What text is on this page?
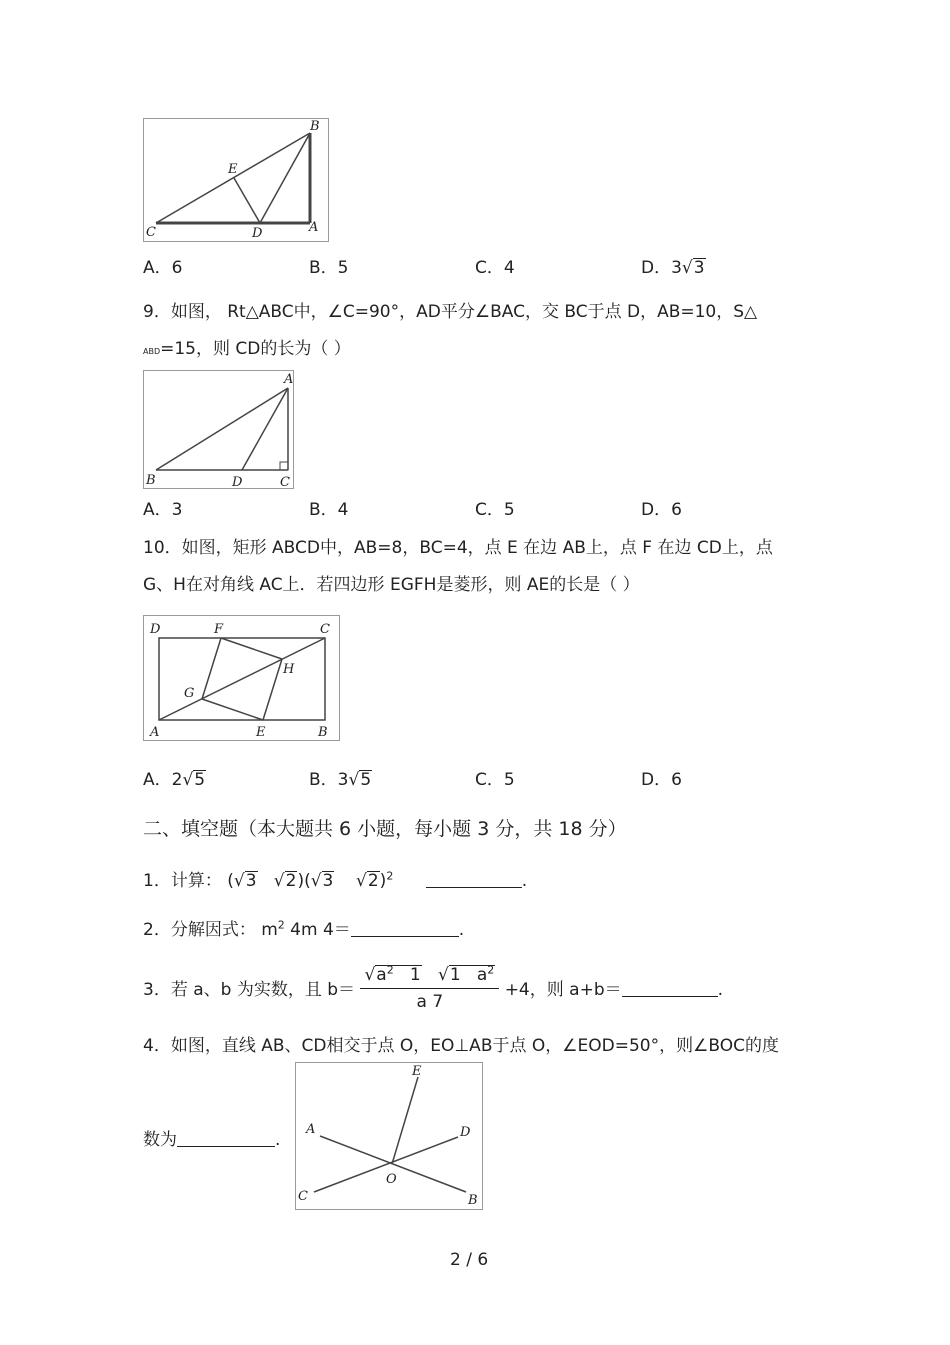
B
E
C	D	A
A．6	B．5	C．4	D．3√3
9．如图， Rt△ABC中，∠C=90°，AD平分∠BAC，交 BC于点 D，AB=10，S△
ABD=15，则 CD的长为（ ）
A
B	D	C
A．3	B．4	C．5	D．6
10．如图，矩形 ABCD中，AB=8，BC=4，点 E 在边 AB上，点 F 在边 CD上，点
G、H在对角线 AC上．若四边形 EGFH是菱形，则 AE的长是（ ）
D	F	C
H
G
A	E	B
A．2√5	B．3√5	C．5	D．6
二、填空题（本大题共 6 小题，每小题 3 分，共 18 分）
1．计算： (√3 √2)(√3 √2)$^2$	.
2．分解因式： $m^2$ 4m 4＝	.
3．若 a、b 为实数，且 $b= \frac{√a^2 1 √1 a^2}{a 7} +4$，则 a+b＝	.
4．如图，直线 AB、CD相交于点 O，EO⊥AB于点 O，∠EOD=50°，则∠BOC的度
数为	.
E
A	D
O
C	B
2 / 6
